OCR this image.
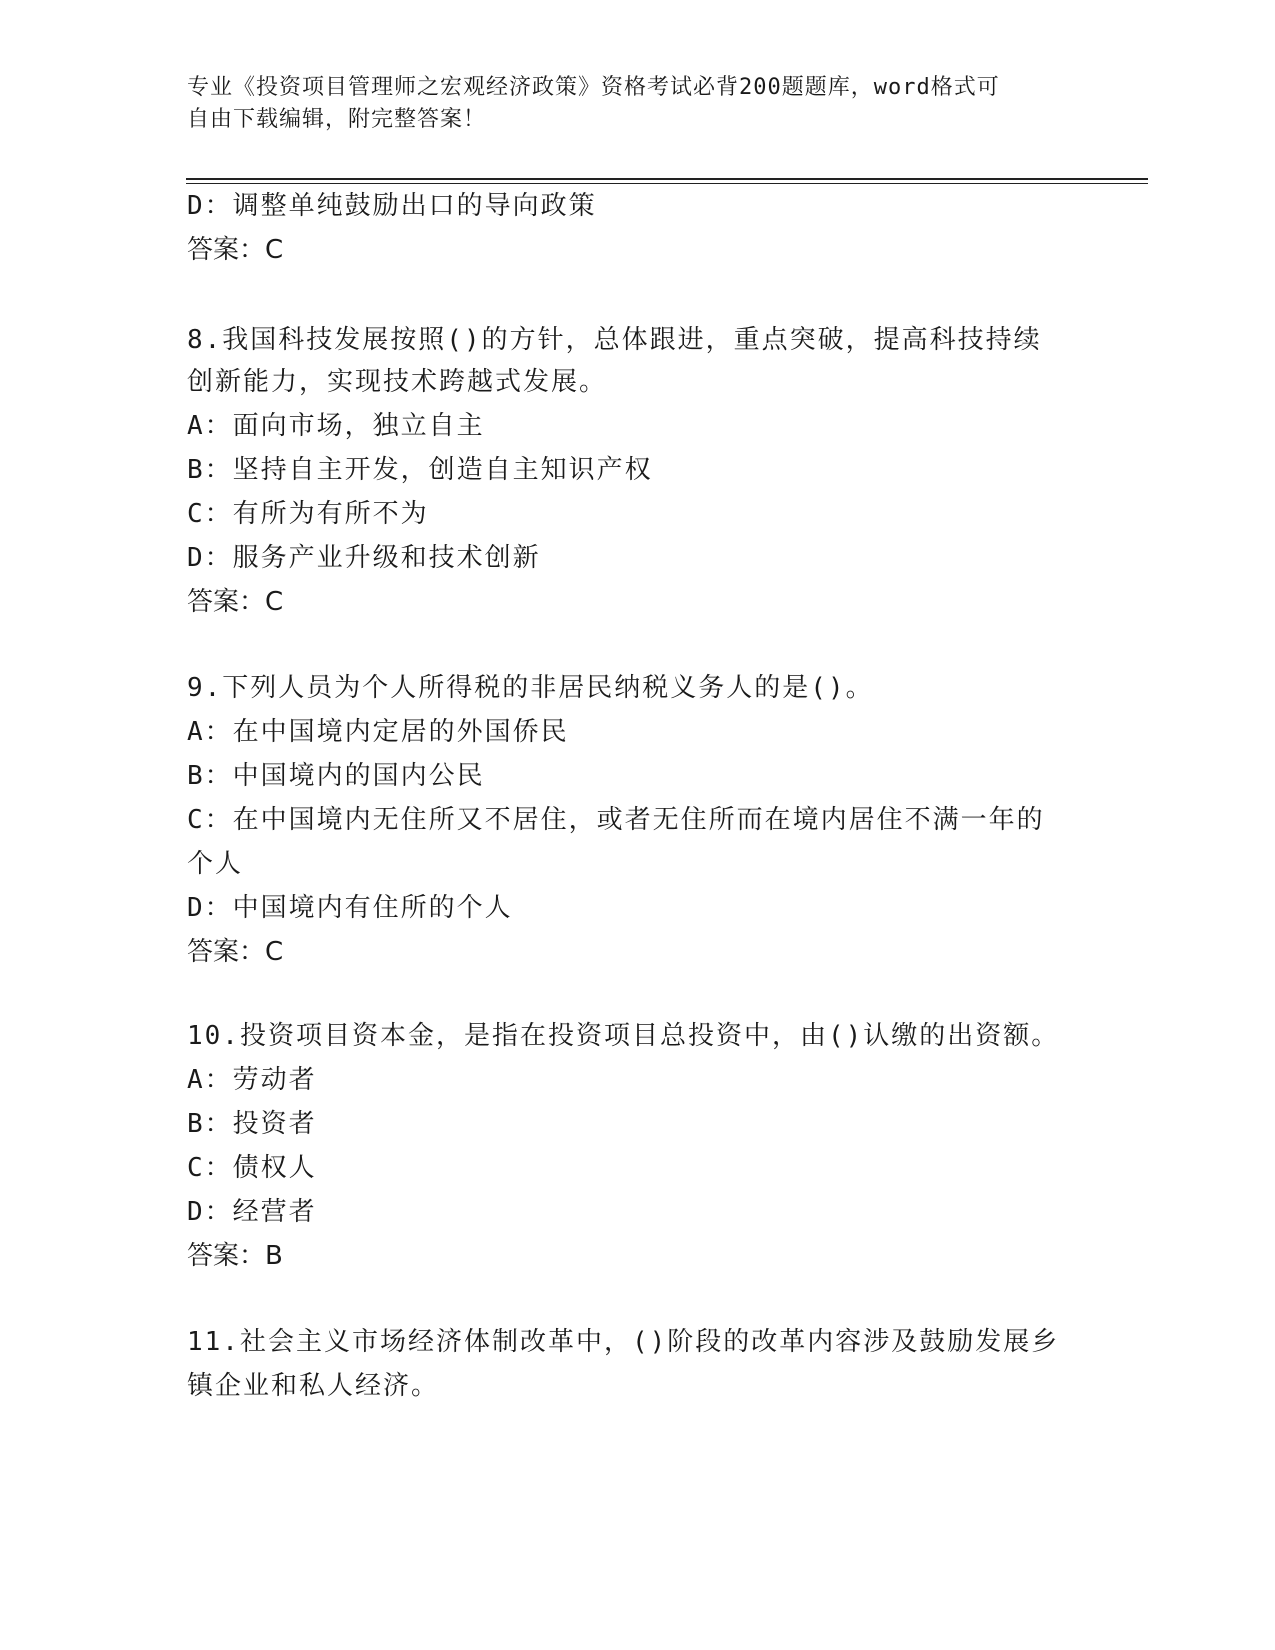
专业《投资项目管理师之宏观经济政策》资格考试必背200题题库，word格式可
自由下载编辑，附完整答案！
D：调整单纯鼓励出口的导向政策
答案：C
8.我国科技发展按照()的方针，总体跟进，重点突破，提高科技持续
创新能力，实现技术跨越式发展。
A：面向市场，独立自主
B：坚持自主开发，创造自主知识产权
C：有所为有所不为
D：服务产业升级和技术创新
答案：C
9.下列人员为个人所得税的非居民纳税义务人的是()。
A：在中国境内定居的外国侨民
B：中国境内的国内公民
C：在中国境内无住所又不居住，或者无住所而在境内居住不满一年的
个人
D：中国境内有住所的个人
答案：C
10.投资项目资本金，是指在投资项目总投资中，由()认缴的出资额。
A：劳动者
B：投资者
C：债权人
D：经营者
答案：B
11.社会主义市场经济体制改革中，()阶段的改革内容涉及鼓励发展乡
镇企业和私人经济。
